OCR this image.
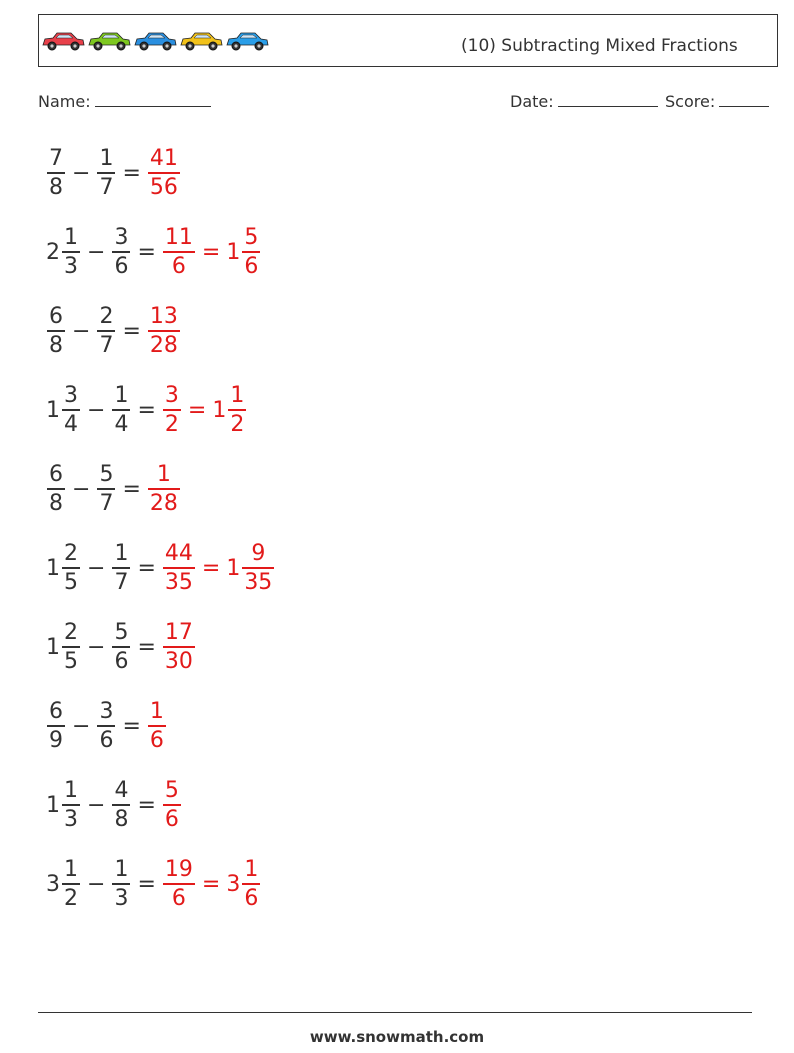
(10) Subtracting Mixed Fractions
Name:	Date:	Score:
$\frac{7}{8} - \frac{1}{7} = \frac{41}{56}$
$2 \frac{1}{3} - \frac{3}{6} = \frac{11}{6} = 1 \frac{5}{6}$
$\frac{6}{8} - \frac{2}{7} = \frac{13}{28}$
$1 \frac{3}{4} - \frac{1}{4} = \frac{3}{2} = 1 \frac{1}{2}$
$\frac{6}{8} - \frac{5}{7} = \frac{1}{28}$
$1 \frac{2}{5} - \frac{1}{7} = \frac{44}{35} = 1 \frac{9}{35}$
$1 \frac{2}{5} - \frac{5}{6} = \frac{17}{30}$
$\frac{6}{9} - \frac{3}{6} = \frac{1}{6}$
$1 \frac{1}{3} - \frac{4}{8} = \frac{5}{6}$
$3 \frac{1}{2} - \frac{1}{3} = \frac{19}{6} = 3 \frac{1}{6}$
www.snowmath.com
